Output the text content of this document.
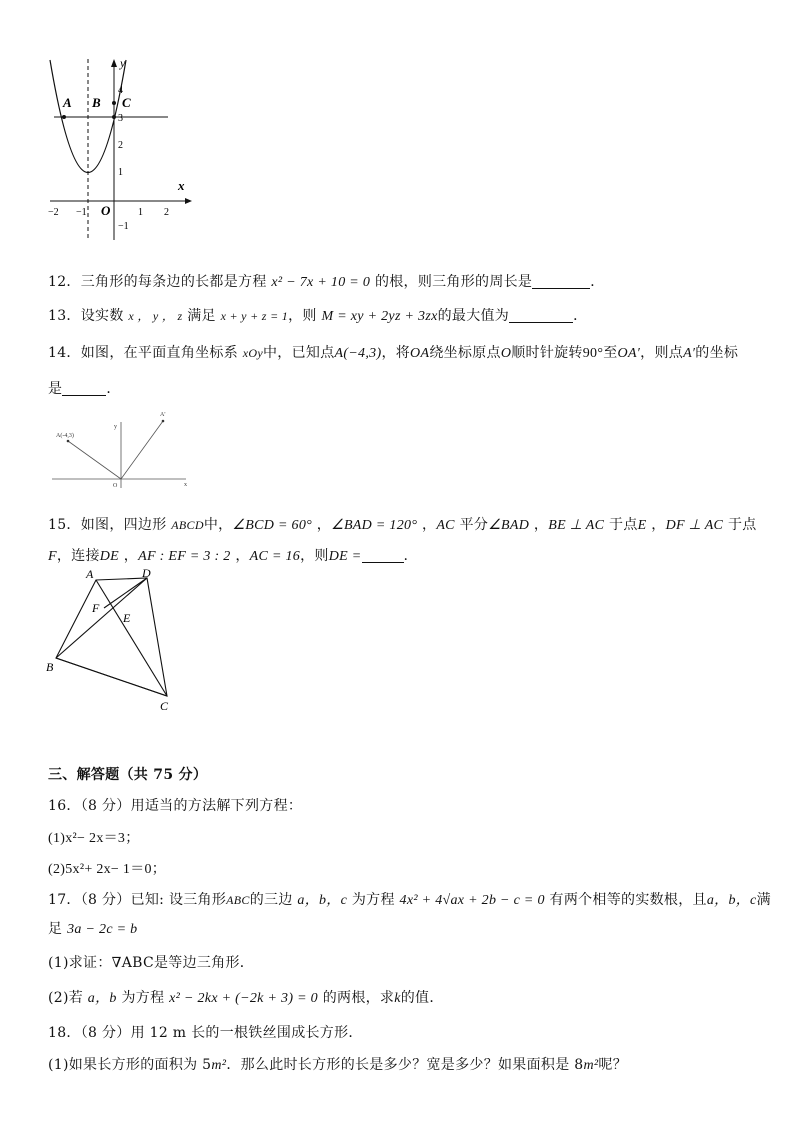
A B C
y
x
O
−2 −1	1 2
4
3
2
1
−1
12．三角形的每条边的长都是方程 x² − 7x + 10 = 0 的根，则三角形的周长是	．
13．设实数 x ， y ， z 满足 x + y + z = 1，则 M = xy + 2yz + 3zx的最大值为	．
14．如图，在平面直角坐标系 xOy中，已知点A(−4,3)，将OA绕坐标原点O顺时针旋转90°至OA′，则点A′的坐标
是	．
A(-4,3)
A'
y
x
O
15．如图，四边形 ABCD中，∠BCD = 60° ，∠BAD = 120° ，AC 平分∠BAD ，BE ⊥ AC 于点E ，DF ⊥ AC 于点
F，连接DE ，AF : EF = 3 : 2 ，AC = 16，则DE =	.
A	D
F
E
B
C
三、解答题（共 75 分）
16．（8 分）用适当的方法解下列方程：
(1)x²− 2x＝3；
(2)5x²+ 2x− 1＝0；
17．（8 分）已知: 设三角形ABC的三边 a，b，c 为方程 4x² + 4√ax + 2b − c = 0 有两个相等的实数根，且a，b，c满
足 3a − 2c = b
(1)求证：∇ABC是等边三角形．
(2)若 a，b 为方程 x² − 2kx + (−2k + 3) = 0 的两根，求k的值．
18．（8 分）用 12 m 长的一根铁丝围成长方形．
(1)如果长方形的面积为 5m²．那么此时长方形的长是多少？宽是多少？如果面积是 8m²呢？
